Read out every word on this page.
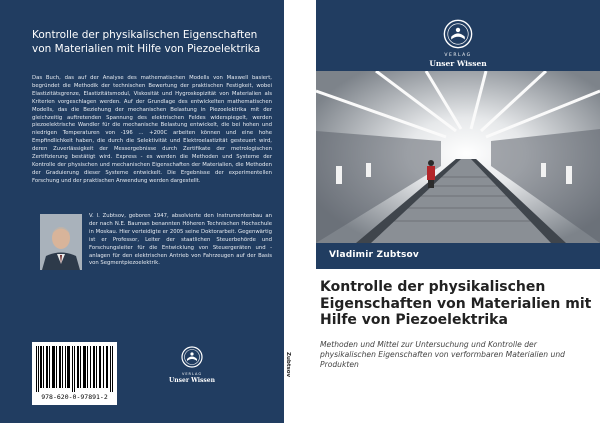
Kontrolle der physikalischen Eigenschaften von Materialien mit Hilfe von Piezoelektrika
Das Buch, das auf der Analyse des mathematischen Modells von Maxwell basiert, begründet die Methodik der technischen Bewertung der praktischen Festigkeit, wobei Elastizitätsgrenze, Elastizitätsmodul, Viskosität und Hygroskopizität von Materialien als Kriterien vorgeschlagen werden. Auf der Grundlage des entwickelten mathematischen Modells, das die Beziehung der mechanischen Belastung in Piezoelektrika mit der gleichzeitig auftretenden Spannung des elektrischen Feldes widerspiegelt, werden piezoelektrische Wandler für die mechanische Belastung entwickelt, die bei hohen und niedrigen Temperaturen von -196 ... +200C arbeiten können und eine hohe Empfindlichkeit haben, die durch die Selektivität und Elektroelastizität gesteuert wird, deren Zuverlässigkeit der Messergebnisse durch Zertifikate der metrologischen Zertifizierung bestätigt wird. Express - es werden die Methoden und Systeme der Kontrolle der physischen und mechanischen Eigenschaften der Materialien, die Methoden der Graduierung dieser Systeme entwickelt. Die Ergebnisse der experimentellen Forschung und der praktischen Anwendung werden dargestellt.
V. I. Zubtsov, geboren 1947, absolvierte den Instrumentenbau an der nach N.E. Bauman benannten Höheren Technischen Hochschule in Moskau. Hier verteidigte er 2005 seine Doktorarbeit. Gegenwärtig ist er Professor, Leiter der staatlichen Steuerbehörde und Forschungsleiter für die Entwicklung von Steuergeräten und -anlagen für den elektrischen Antrieb von Fahrzeugen auf der Basis von Segmentpiezoelektrik.
978-620-0-97891-2
VERLAG
Unser Wissen
Zubtsov
VERLAG
Unser Wissen
Vladimir Zubtsov
Kontrolle der physikalischen Eigenschaften von Materialien mit Hilfe von Piezoelektrika
Methoden und Mittel zur Untersuchung und Kontrolle der physikalischen Eigenschaften von verformbaren Materialien und Produkten
